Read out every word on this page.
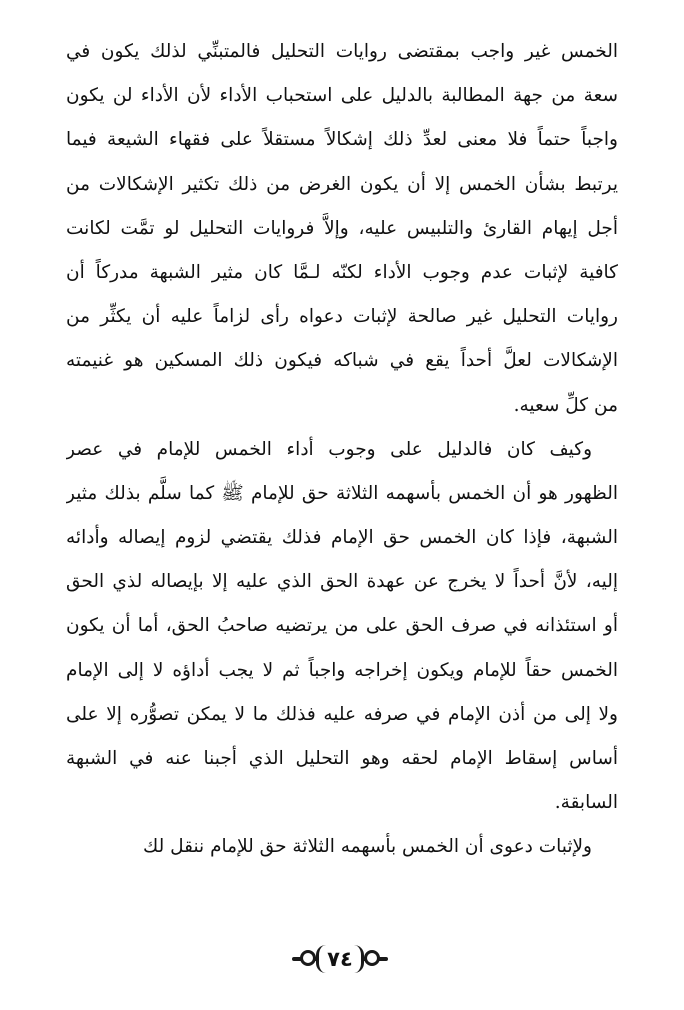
الخمس غير واجب بمقتضى روايات التحليل فالمتبنِّي لذلك يكون في
سعة من جهة المطالبة بالدليل على استحباب الأداء لأن الأداء لن يكون
واجباً حتماً فلا معنى لعدِّ ذلك إشكالاً مستقلاً على فقهاء الشيعة فيما
يرتبط بشأن الخمس إلا أن يكون الغرض من ذلك تكثير الإشكالات من
أجل إيهام القارئ والتلبيس عليه، وإلاَّ فروايات التحليل لو تمَّت لكانت
كافية لإثبات عدم وجوب الأداء لكنّه لـمَّا كان مثير الشبهة مدركاً أن
روايات التحليل غير صالحة لإثبات دعواه رأى لزاماً عليه أن يكثِّر من
الإشكالات لعلَّ أحداً يقع في شباكه فيكون ذلك المسكين هو غنيمته
من كلِّ سعيه.
وكيف كان فالدليل على وجوب أداء الخمس للإمام في عصر
الظهور هو أن الخمس بأسهمه الثلاثة حق للإمام ﷺ كما سلَّم بذلك مثير
الشبهة، فإذا كان الخمس حق الإمام فذلك يقتضي لزوم إيصاله وأدائه
إليه، لأنَّ أحداً لا يخرج عن عهدة الحق الذي عليه إلا بإيصاله لذي الحق
أو استئذانه في صرف الحق على من يرتضيه صاحبُ الحق، أما أن يكون
الخمس حقاً للإمام ويكون إخراجه واجباً ثم لا يجب أداؤه لا إلى الإمام
ولا إلى من أذن الإمام في صرفه عليه فذلك ما لا يمكن تصوُّره إلا على
أساس إسقاط الإمام لحقه وهو التحليل الذي أجبنا عنه في الشبهة
السابقة.
ولإثبات دعوى أن الخمس بأسهمه الثلاثة حق للإمام ننقل لك
٧٤
